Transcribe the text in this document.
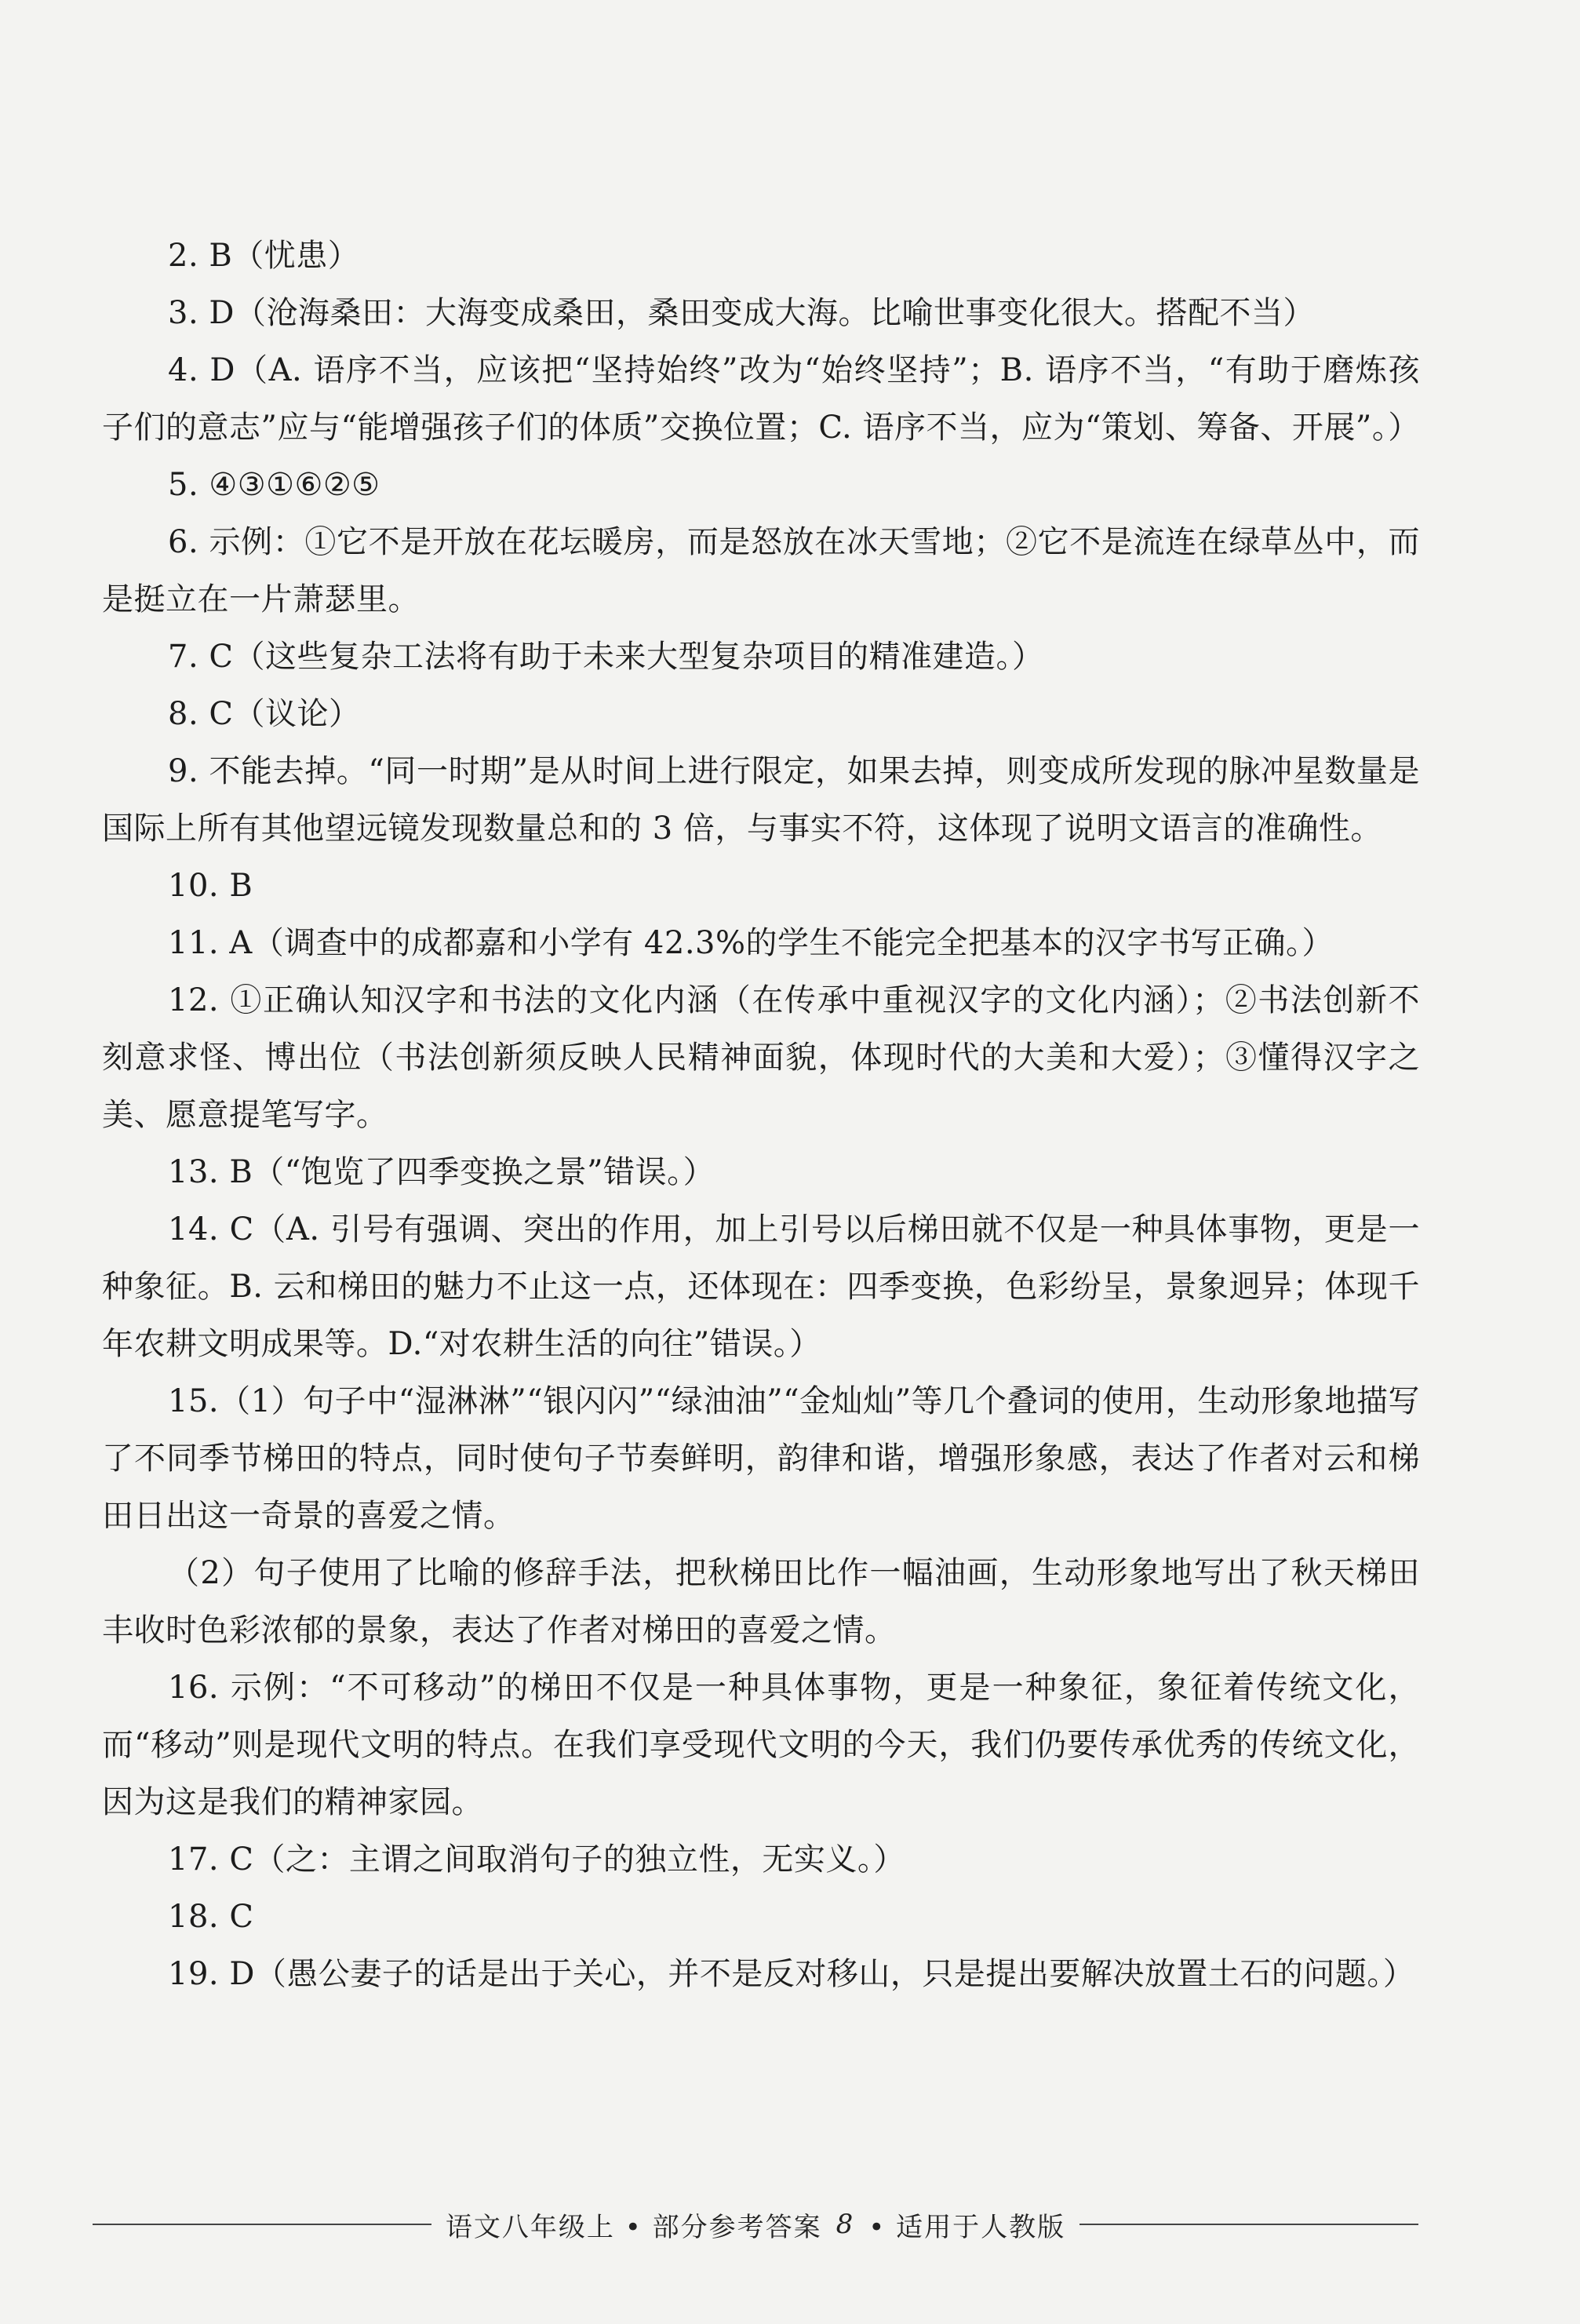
2. B（忧患）

3. D（沧海桑田：大海变成桑田，桑田变成大海。比喻世事变化很大。搭配不当）

4. D（A. 语序不当，应该把“坚持始终”改为“始终坚持”；B. 语序不当，“有助于磨炼孩子们的意志”应与“能增强孩子们的体质”交换位置；C. 语序不当，应为“策划、筹备、开展”。）

5. ④③①⑥②⑤

6. 示例：①它不是开放在花坛暖房，而是怒放在冰天雪地；②它不是流连在绿草丛中，而是挺立在一片萧瑟里。

7. C（这些复杂工法将有助于未来大型复杂项目的精准建造。）

8. C（议论）

9. 不能去掉。“同一时期”是从时间上进行限定，如果去掉，则变成所发现的脉冲星数量是国际上所有其他望远镜发现数量总和的 3 倍，与事实不符，这体现了说明文语言的准确性。

10. B

11. A（调查中的成都嘉和小学有 42.3%的学生不能完全把基本的汉字书写正确。）

12. ①正确认知汉字和书法的文化内涵（在传承中重视汉字的文化内涵）；②书法创新不刻意求怪、博出位（书法创新须反映人民精神面貌，体现时代的大美和大爱）；③懂得汉字之美、愿意提笔写字。

13. B（“饱览了四季变换之景”错误。）

14. C（A. 引号有强调、突出的作用，加上引号以后梯田就不仅是一种具体事物，更是一种象征。B. 云和梯田的魅力不止这一点，还体现在：四季变换，色彩纷呈，景象迥异；体现千年农耕文明成果等。D.“对农耕生活的向往”错误。）

15.（1）句子中“湿淋淋”“银闪闪”“绿油油”“金灿灿”等几个叠词的使用，生动形象地描写了不同季节梯田的特点，同时使句子节奏鲜明，韵律和谐，增强形象感，表达了作者对云和梯田日出这一奇景的喜爱之情。

（2）句子使用了比喻的修辞手法，把秋梯田比作一幅油画，生动形象地写出了秋天梯田丰收时色彩浓郁的景象，表达了作者对梯田的喜爱之情。

16. 示例：“不可移动”的梯田不仅是一种具体事物，更是一种象征，象征着传统文化，而“移动”则是现代文明的特点。在我们享受现代文明的今天，我们仍要传承优秀的传统文化，因为这是我们的精神家园。

17. C（之：主谓之间取消句子的独立性，无实义。）

18. C

19. D（愚公妻子的话是出于关心，并不是反对移山，只是提出要解决放置土石的问题。）

语文八年级上 • 部分参考答案 8 • 适用于人教版
